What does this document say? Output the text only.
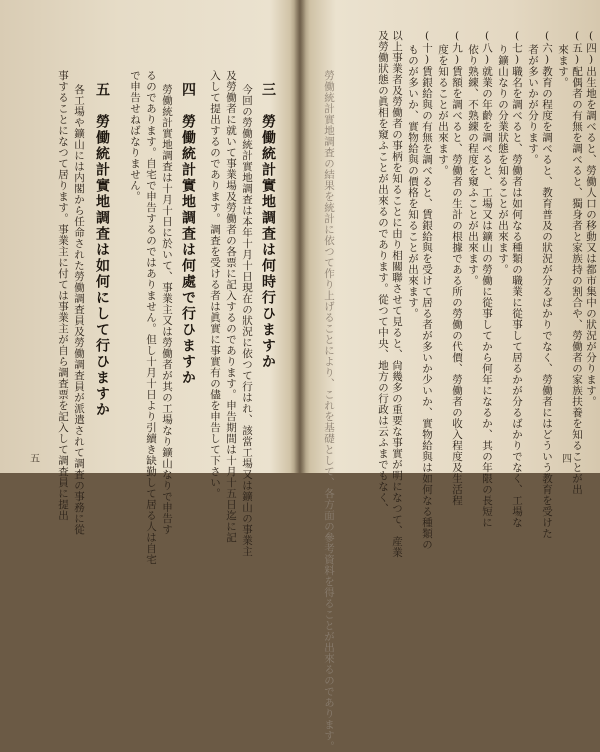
(四)出生地を調べると、勞働人口の移動又は都市集中の狀況が分ります。
(五)配偶者の有無を調べると、獨身者と家族持の割合や、勞働者の家族扶養を知ることが出
來ます。
(六)教育の程度を調べると、教育普及の狀況が分るばかりでなく、勞働者にはどういう教育を受けた
者が多いかが分ります。
(七)職名を調べると、勞働者は如何なる種類の職業に從事して居るかが分るばかりでなく、工場な
り鑛山なりの分業狀態を知ることが出來ます。
(八)就業の年齡を調べると、工場又は鑛山の勞働に從事してから何年になるか、其の年限の長短に
依り熟練、不熟練の程度を窺ふことが出來ます。
(九)賃額を調べると、勞働者の生計の根據である所の勞働の代價、勞働者の收入程度及生活程
度を知ることが出來ます。
(十)賃銀給與の有無を調べると、賃銀給與を受けて居る者が多いか少いか、實物給與は如何なる種類の
ものが多いか、實物給與の價格を知ることが出來ます。
以上事業者及勞働者の事柄を知ることに由り相關聯させて見ると、尙幾多の重要な事實が明になつて、産業
及勞働狀態の眞相を窺ふことが出來るのであります。從つて中央、地方の行政は云ふまでもなく、
勞働統計實地調査の結果を統計に依つて作り上げることにより、これを基礎として、各方面の參考資料を得ることが出來るのであります。	四
三　勞働統計實地調査は何時行ひますか
今回の勞働統計實地調査は本年十月十日現在の狀況に依つて行はれ、該當工場又は鑛山の事業主
及勞働者に就いて事業場及勞働者の各票に記入するのであります。申告期間は十月十五日迄に記
入して提出するのであります。調査を受ける者は眞實に事實有の儘を申告して下さい。
四　勞働統計實地調査は何處で行ひますか
勞働統計實地調査は十月十日に於いて、事業主又は勞働者が其の工場なり鑛山なりで申告す
るのであります。自宅で申告するのではありません。但し十月十日より引續き缺勤して居る人は自宅
で申告せねばなりません。
五　勞働統計實地調査は如何にして行ひますか
各工場や鑛山には内閣から任命された勞働調査員及勞働調査員が派遣されて調査の事務に從
事することになつて居ります。事業主に付ては事業主が自ら調査票を記入して調査員に提出
五
